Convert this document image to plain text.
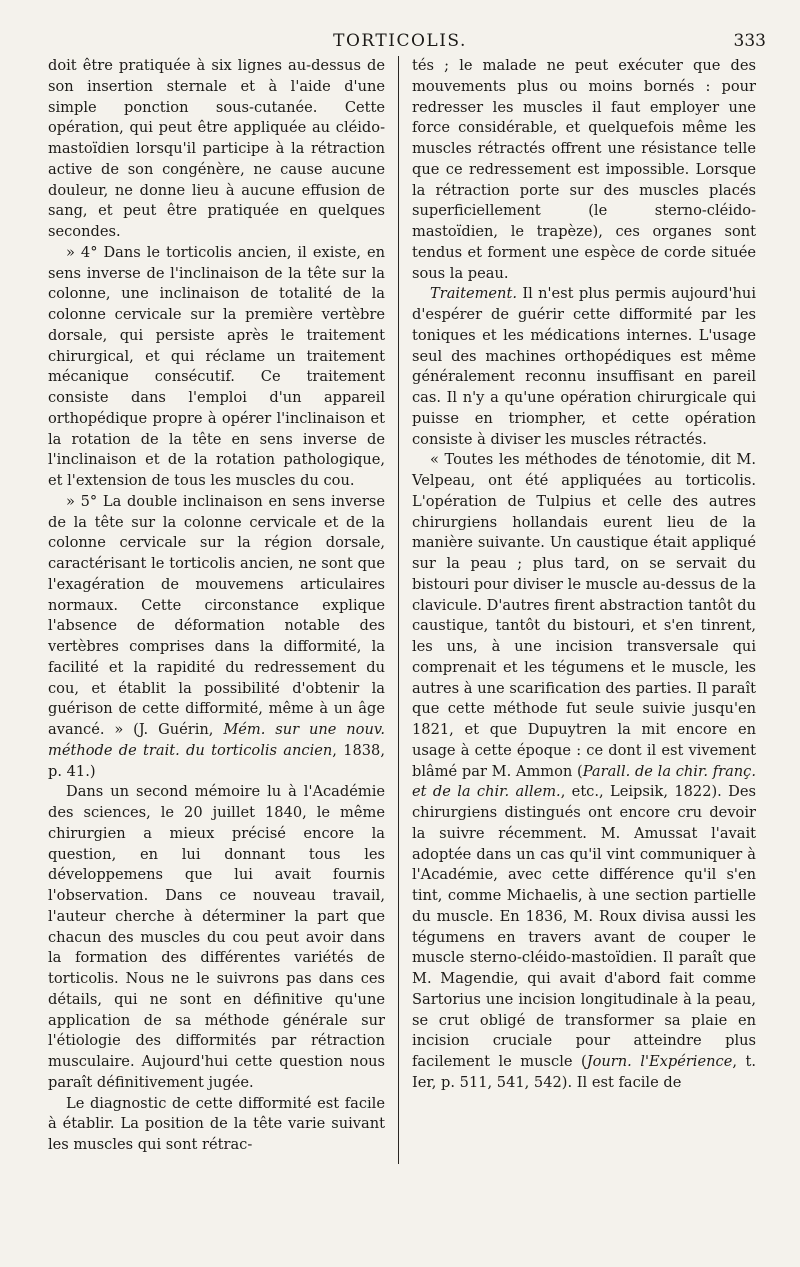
TORTICOLIS.	333

doit être pratiquée à six lignes au-dessus de son insertion sternale et à l'aide d'une simple ponction sous-cutanée. Cette opération, qui peut être appliquée au cléido-mastoïdien lorsqu'il participe à la rétraction active de son congénère, ne cause aucune douleur, ne donne lieu à aucune effusion de sang, et peut être pratiquée en quelques secondes.

» 4° Dans le torticolis ancien, il existe, en sens inverse de l'inclinaison de la tête sur la colonne, une inclinaison de totalité de la colonne cervicale sur la première vertèbre dorsale, qui persiste après le traitement chirurgical, et qui réclame un traitement mécanique consécutif. Ce traitement consiste dans l'emploi d'un appareil orthopédique propre à opérer l'inclinaison et la rotation de la tête en sens inverse de l'inclinaison et de la rotation pathologique, et l'extension de tous les muscles du cou.

» 5° La double inclinaison en sens inverse de la tête sur la colonne cervicale et de la colonne cervicale sur la région dorsale, caractérisant le torticolis ancien, ne sont que l'exagération de mouvemens articulaires normaux. Cette circonstance explique l'absence de déformation notable des vertèbres comprises dans la difformité, la facilité et la rapidité du redressement du cou, et établit la possibilité d'obtenir la guérison de cette difformité, même à un âge avancé. » (J. Guérin, Mém. sur une nouv. méthode de trait. du torticolis ancien, 1838, p. 41.)

Dans un second mémoire lu à l'Académie des sciences, le 20 juillet 1840, le même chirurgien a mieux précisé encore la question, en lui donnant tous les développemens que lui avait fournis l'observation. Dans ce nouveau travail, l'auteur cherche à déterminer la part que chacun des muscles du cou peut avoir dans la formation des différentes variétés de torticolis. Nous ne le suivrons pas dans ces détails, qui ne sont en définitive qu'une application de sa méthode générale sur l'étiologie des difformités par rétraction musculaire. Aujourd'hui cette question nous paraît définitivement jugée.

Le diagnostic de cette difformité est facile à établir. La position de la tête varie suivant les muscles qui sont rétrac-

tés ; le malade ne peut exécuter que des mouvements plus ou moins bornés : pour redresser les muscles il faut employer une force considérable, et quelquefois même les muscles rétractés offrent une résistance telle que ce redressement est impossible. Lorsque la rétraction porte sur des muscles placés superficiellement (le sterno-cléido-mastoïdien, le trapèze), ces organes sont tendus et forment une espèce de corde située sous la peau.

Traitement. Il n'est plus permis aujourd'hui d'espérer de guérir cette difformité par les toniques et les médications internes. L'usage seul des machines orthopédiques est même généralement reconnu insuffisant en pareil cas. Il n'y a qu'une opération chirurgicale qui puisse en triompher, et cette opération consiste à diviser les muscles rétractés.

« Toutes les méthodes de ténotomie, dit M. Velpeau, ont été appliquées au torticolis. L'opération de Tulpius et celle des autres chirurgiens hollandais eurent lieu de la manière suivante. Un caustique était appliqué sur la peau ; plus tard, on se servait du bistouri pour diviser le muscle au-dessus de la clavicule. D'autres firent abstraction tantôt du caustique, tantôt du bistouri, et s'en tinrent, les uns, à une incision transversale qui comprenait et les tégumens et le muscle, les autres à une scarification des parties. Il paraît que cette méthode fut seule suivie jusqu'en 1821, et que Dupuytren la mit encore en usage à cette époque : ce dont il est vivement blâmé par M. Ammon (Parall. de la chir. franç. et de la chir. allem., etc., Leipsik, 1822). Des chirurgiens distingués ont encore cru devoir la suivre récemment. M. Amussat l'avait adoptée dans un cas qu'il vint communiquer à l'Académie, avec cette différence qu'il s'en tint, comme Michaelis, à une section partielle du muscle. En 1836, M. Roux divisa aussi les tégumens en travers avant de couper le muscle sterno-cléido-mastoïdien. Il paraît que M. Magendie, qui avait d'abord fait comme Sartorius une incision longitudinale à la peau, se crut obligé de transformer sa plaie en incision cruciale pour atteindre plus facilement le muscle (Journ. l'Expérience, t. Ier, p. 511, 541, 542). Il est facile de
